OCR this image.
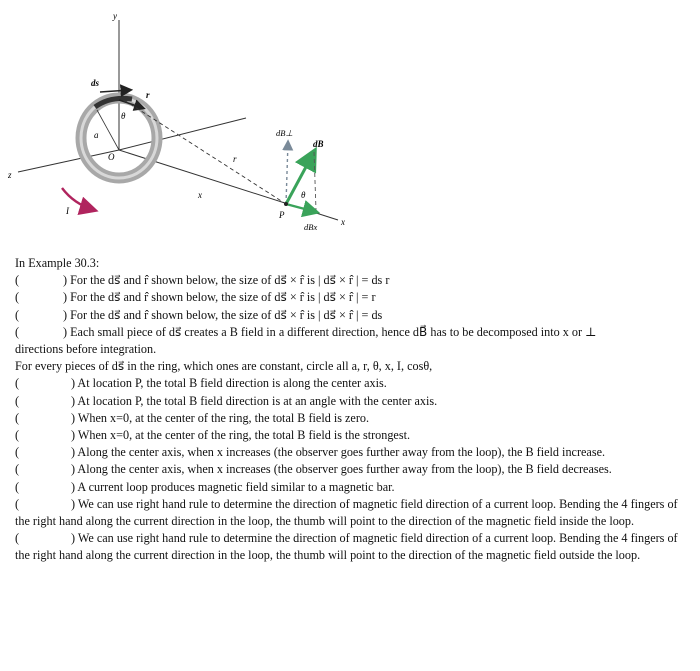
y
z
x
ds
r
θ
a
O
I
r
x
dB⊥
dB
dBx
θ
P
In Example 30.3:
(	) For the ds⃗ and r̂ shown below, the size of ds⃗ × r̂ is | ds⃗ × r̂ | = ds r
(	) For the ds⃗ and r̂ shown below, the size of ds⃗ × r̂ is | ds⃗ × r̂ | = r
(	) For the ds⃗ and r̂ shown below, the size of ds⃗ × r̂ is | ds⃗ × r̂ | = ds
(	) Each small piece of ds⃗ creates a B field in a different direction, hence dB⃗ has to be decomposed into x or ⊥
directions before integration.
For every pieces of ds⃗ in the ring, which ones are constant, circle all a, r, θ, x, I, cosθ,
(	) At location P, the total B field direction is along the center axis.
(	) At location P, the total B field direction is at an angle with the center axis.
(	) When x=0, at the center of the ring, the total B field is zero.
(	) When x=0, at the center of the ring, the total B field is the strongest.
(	) Along the center axis, when x increases (the observer goes further away from the loop), the B field increase.
(	) Along the center axis, when x increases (the observer goes further away from the loop), the B field decreases.
(	) A current loop produces magnetic field similar to a magnetic bar.
(	) We can use right hand rule to determine the direction of magnetic field direction of a current loop. Bending the 4 fingers of the right hand along the current direction in the loop, the thumb will point to the direction of the magnetic field inside the loop.
(	) We can use right hand rule to determine the direction of magnetic field direction of a current loop. Bending the 4 fingers of the right hand along the current direction in the loop, the thumb will point to the direction of the magnetic field outside the loop.
